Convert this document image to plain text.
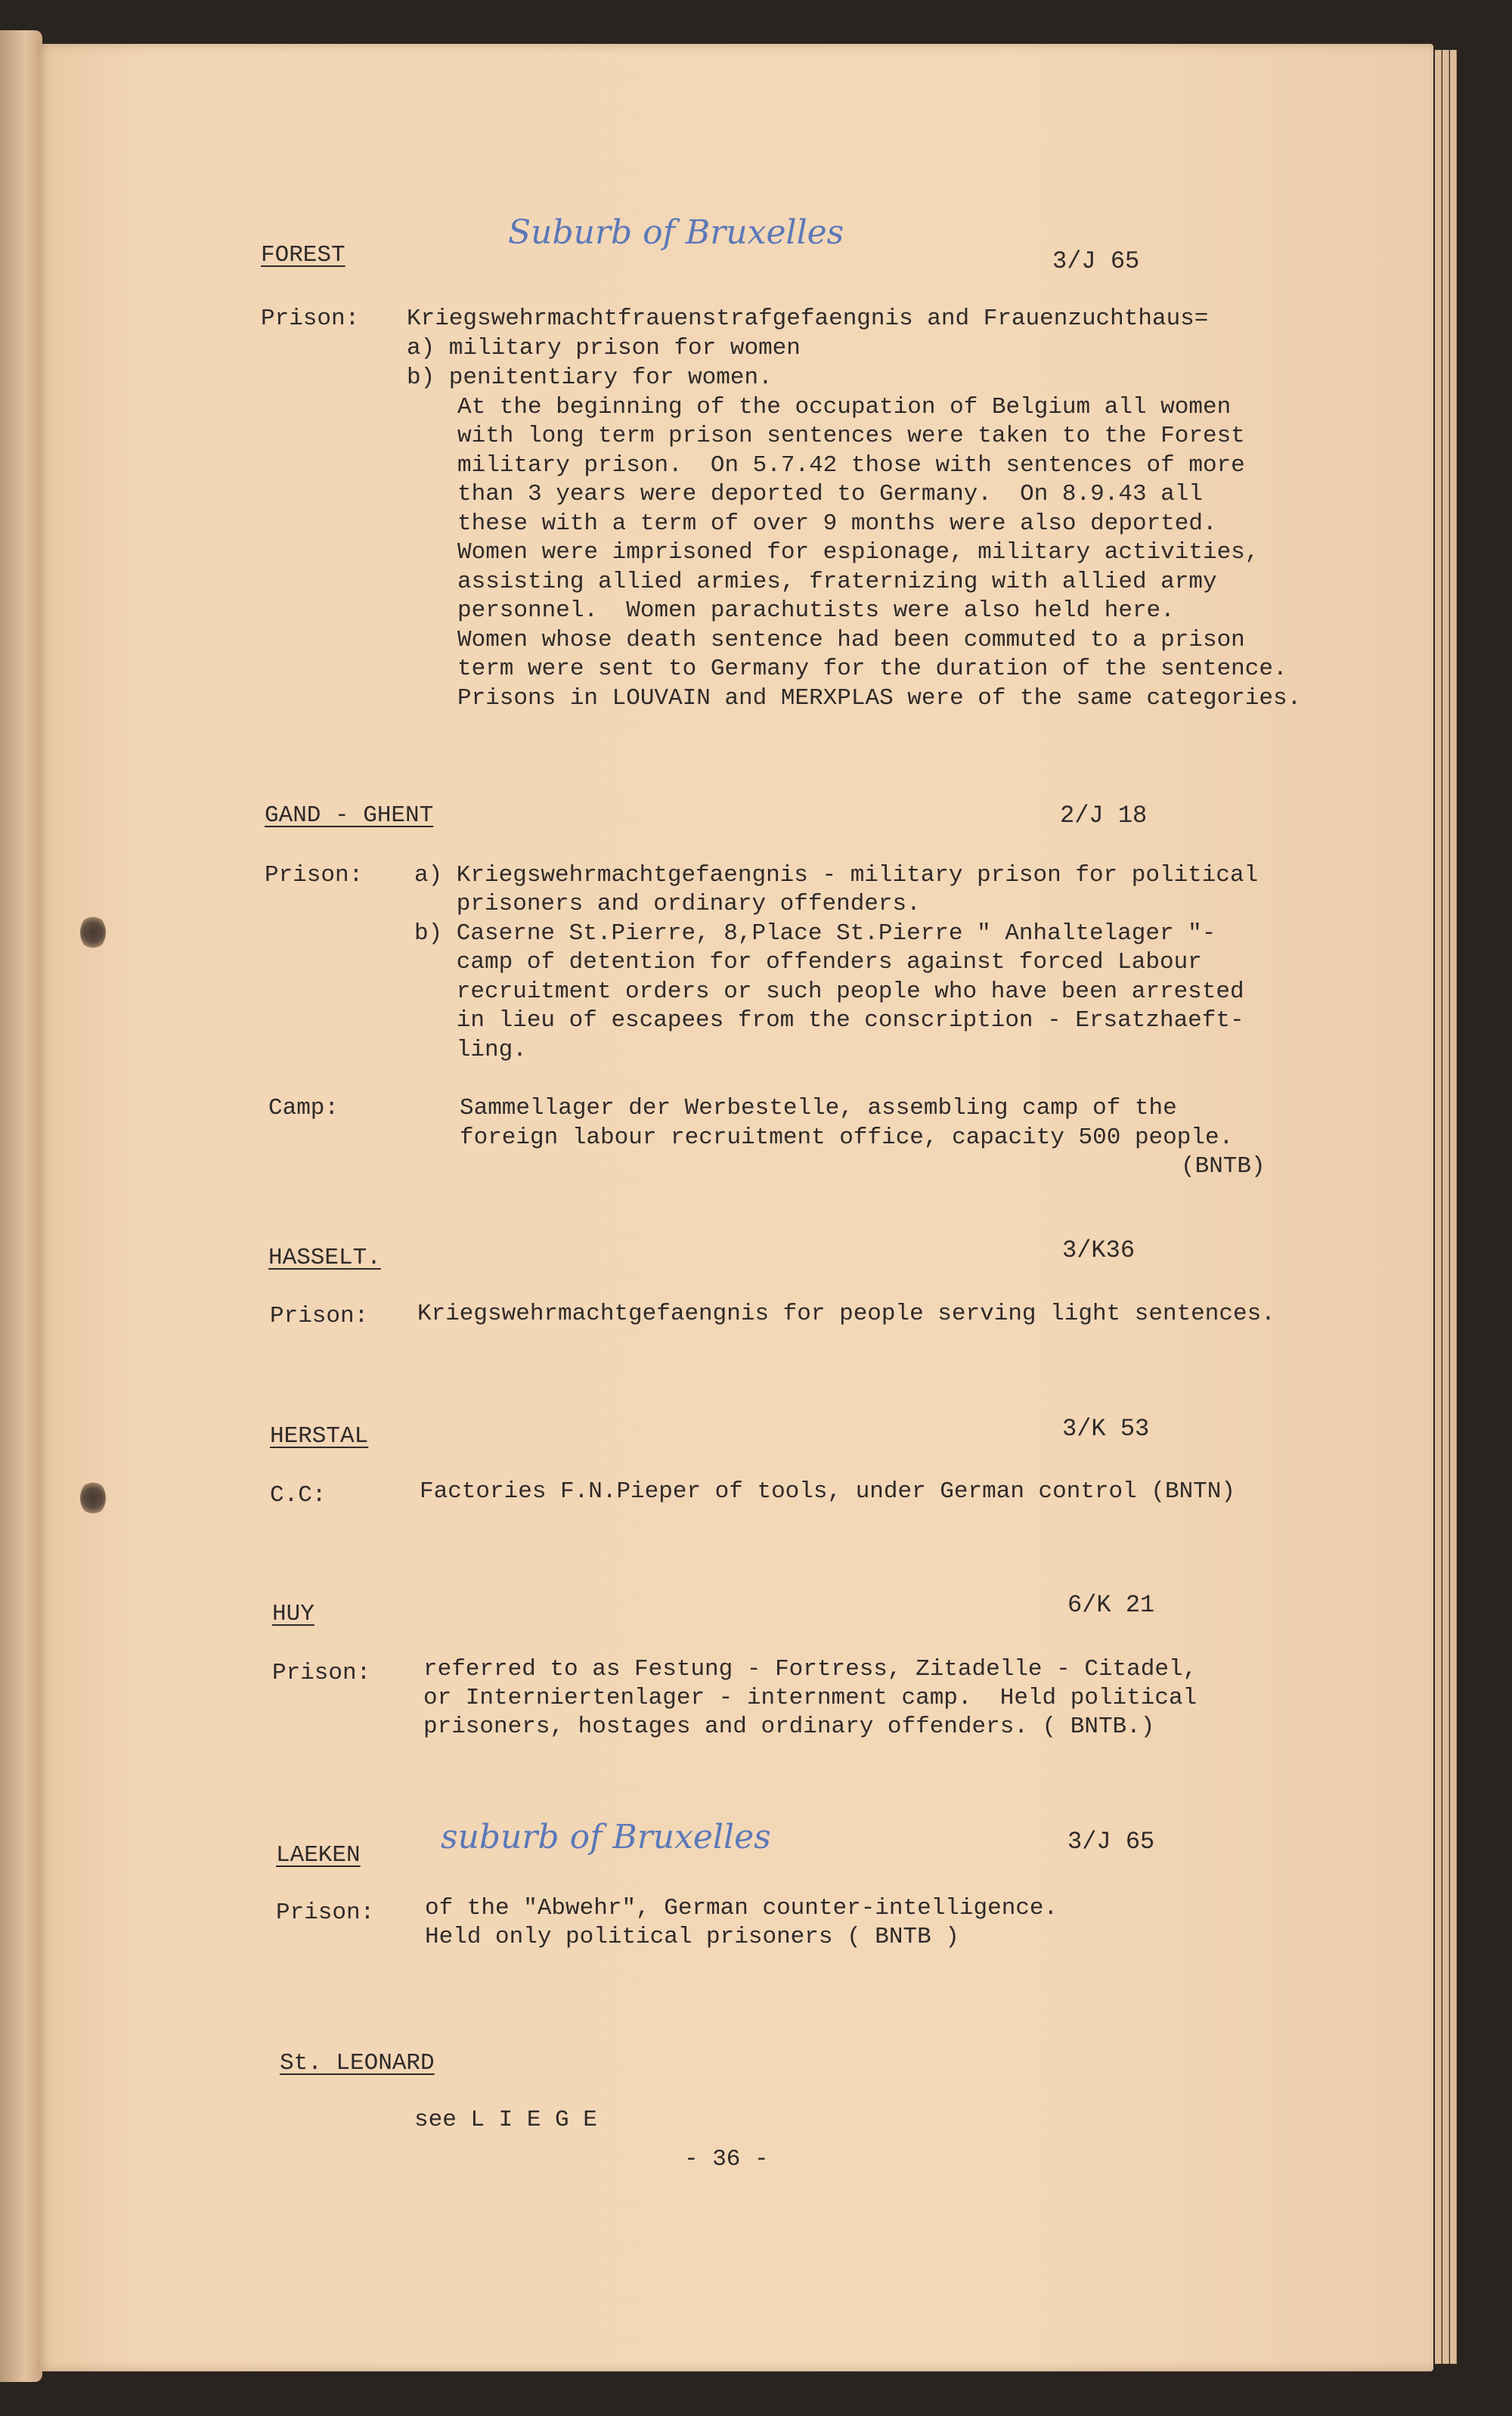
FOREST
Suburb of Bruxelles
3/J 65
Prison: Kriegswehrmachtfrauenstrafgefaengnis and Frauenzuchthaus=
a) military prison for women
b) penitentiary for women.
At the beginning of the occupation of Belgium all women
with long term prison sentences were taken to the Forest
military prison.  On 5.7.42 those with sentences of more
than 3 years were deported to Germany.  On 8.9.43 all
these with a term of over 9 months were also deported.
Women were imprisoned for espionage, military activities,
assisting allied armies, fraternizing with allied army
personnel.  Women parachutists were also held here.
Women whose death sentence had been commuted to a prison
term were sent to Germany for the duration of the sentence.
Prisons in LOUVAIN and MERXPLAS were of the same categories.
GAND - GHENT	2/J 18
Prison: a) Kriegswehrmachtgefaengnis - military prison for political
prisoners and ordinary offenders.
b) Caserne St.Pierre, 8,Place St.Pierre " Anhaltelager "-
camp of detention for offenders against forced Labour
recruitment orders or such people who have been arrested
in lieu of escapees from the conscription - Ersatzhaeft-
ling.
Camp:	Sammellager der Werbestelle, assembling camp of the
foreign labour recruitment office, capacity 500 people.
(BNTB)
HASSELT.	3/K36
Prison: Kriegswehrmachtgefaengnis for people serving light sentences.
HERSTAL	3/K 53
C.C:	Factories F.N.Pieper of tools, under German control (BNTN)
HUY	6/K 21
Prison: referred to as Festung - Fortress, Zitadelle - Citadel,
or Interniertenlager - internment camp.  Held political
prisoners, hostages and ordinary offenders. ( BNTB.)
LAEKEN suburb of Bruxelles	3/J 65
Prison: of the "Abwehr", German counter-intelligence.
Held only political prisoners ( BNTB )
St. LEONARD
see L I E G E
- 36 -
